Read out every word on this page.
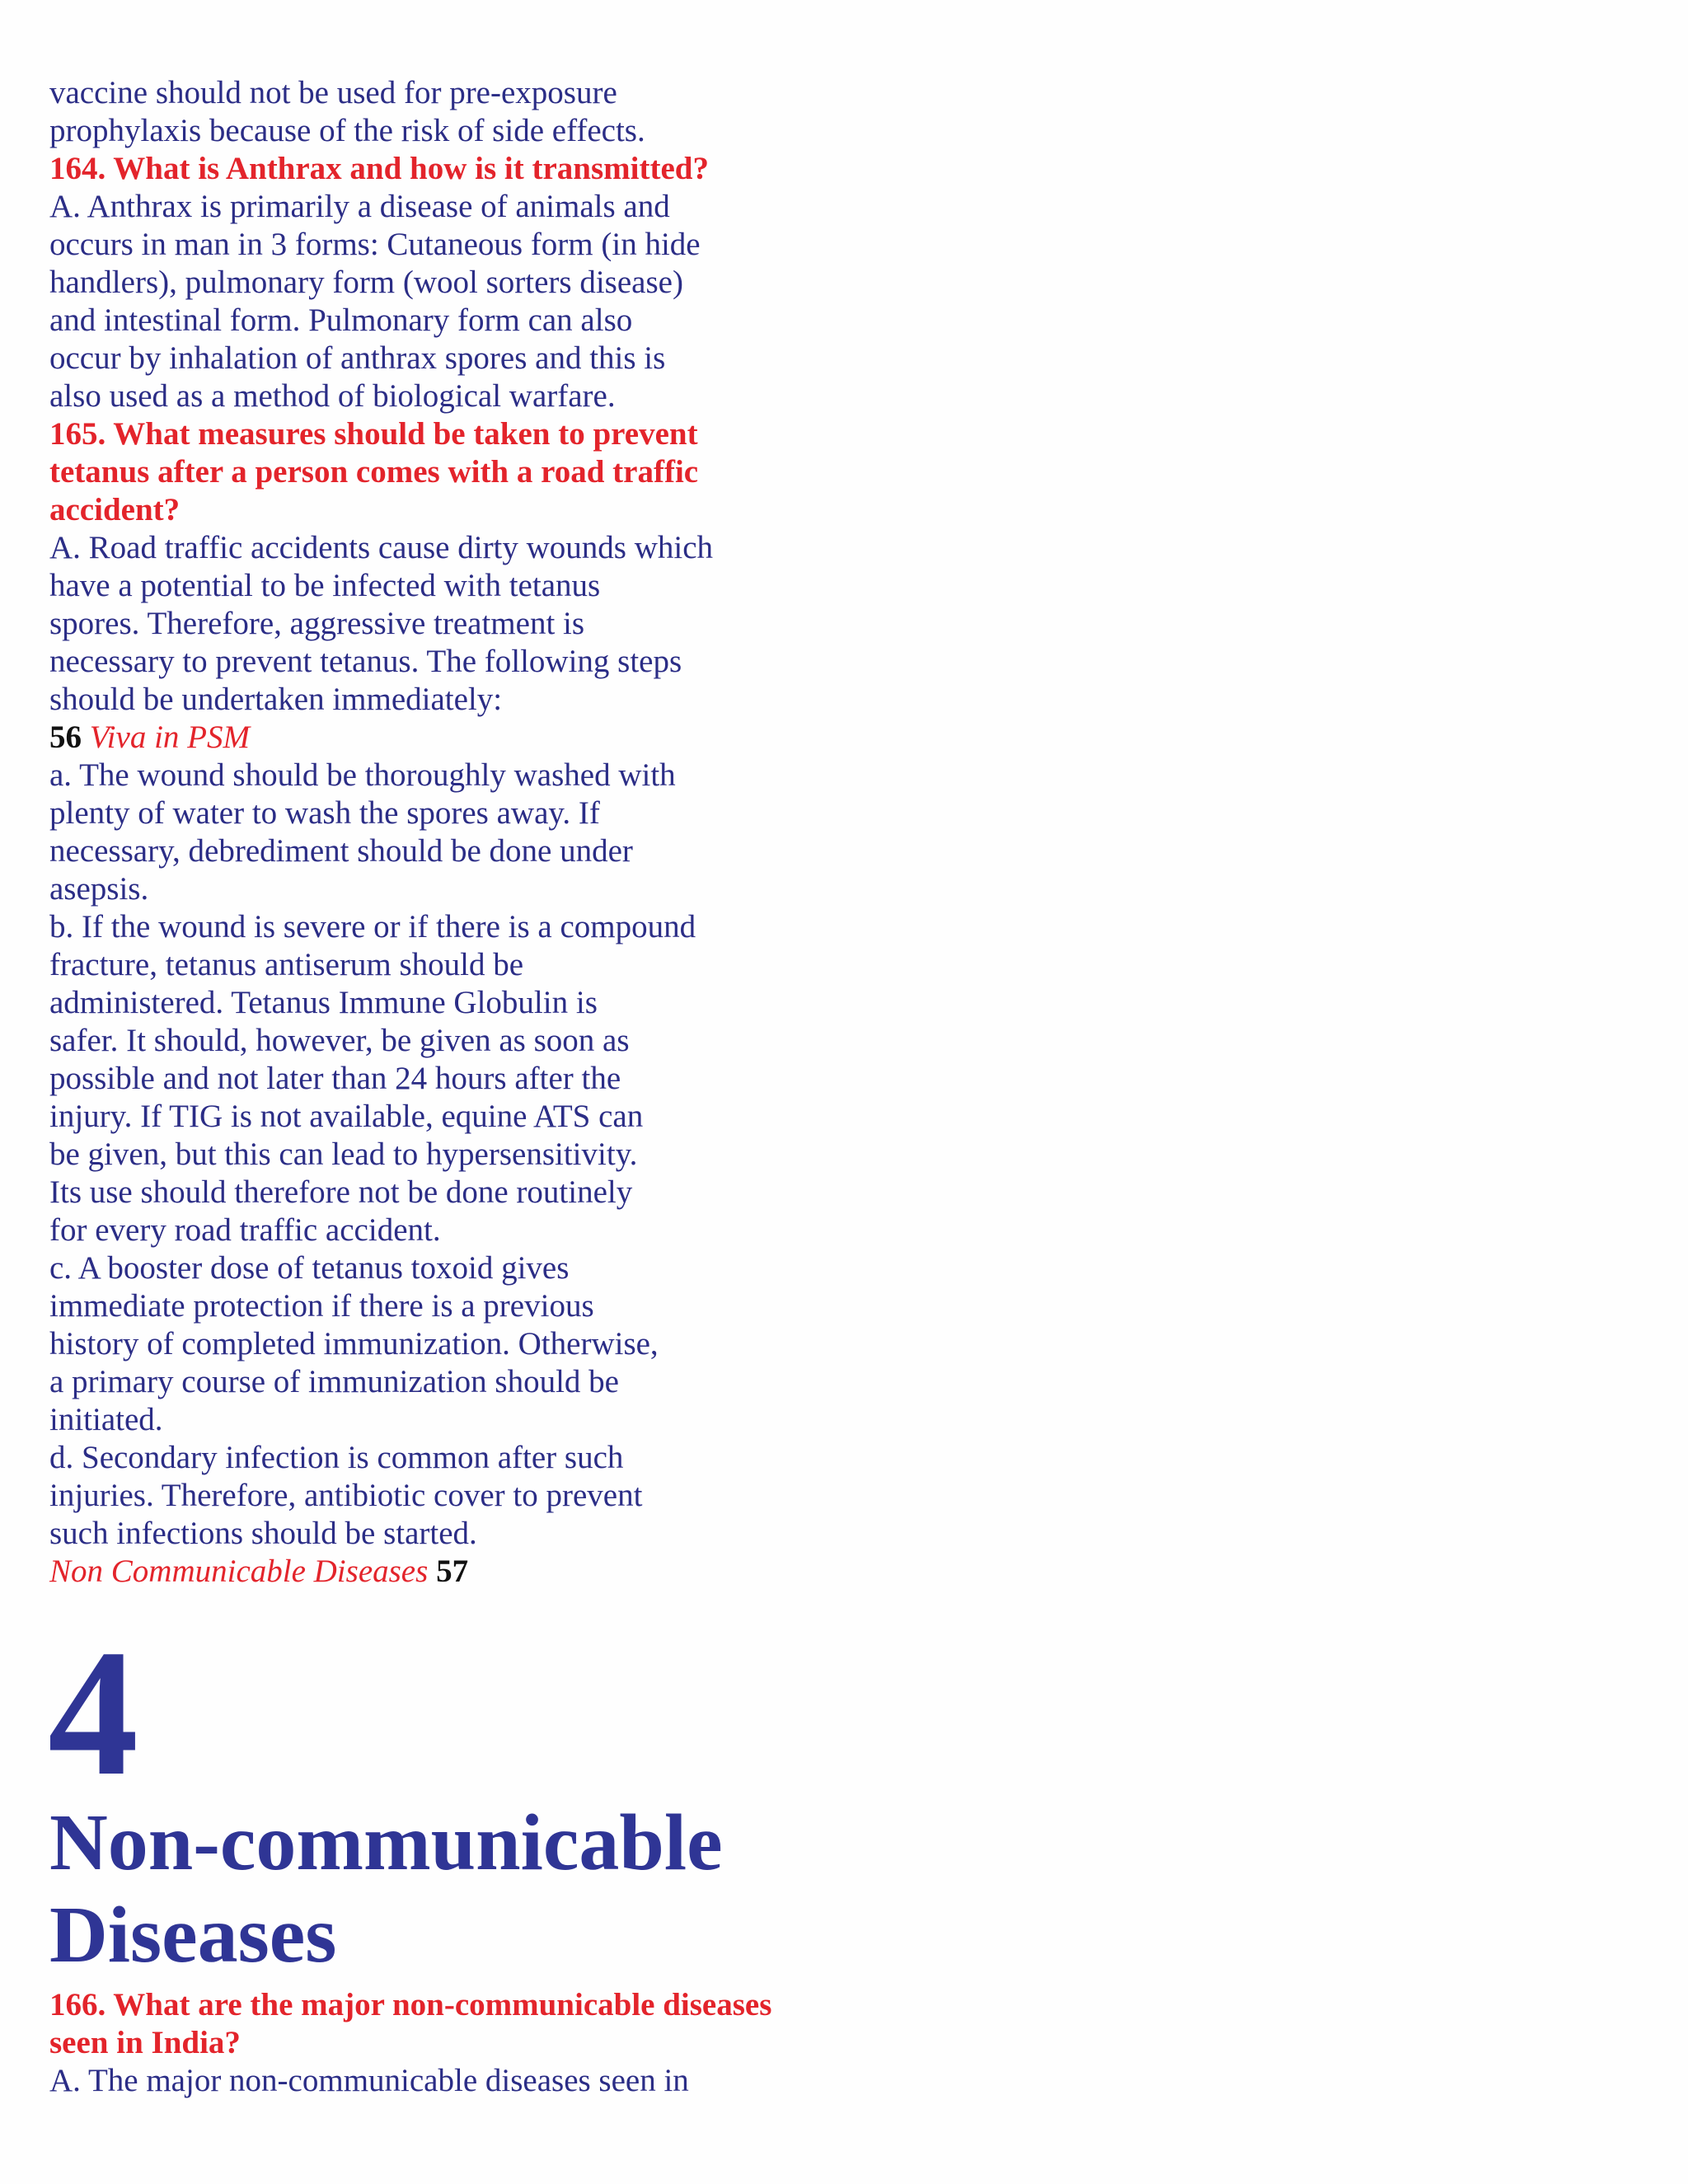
vaccine should not be used for pre-exposure
prophylaxis because of the risk of side effects.
164. What is Anthrax and how is it transmitted?
A. Anthrax is primarily a disease of animals and
occurs in man in 3 forms: Cutaneous form (in hide
handlers), pulmonary form (wool sorters disease)
and intestinal form. Pulmonary form can also
occur by inhalation of anthrax spores and this is
also used as a method of biological warfare.
165. What measures should be taken to prevent
tetanus after a person comes with a road traffic
accident?
A. Road traffic accidents cause dirty wounds which
have a potential to be infected with tetanus
spores. Therefore, aggressive treatment is
necessary to prevent tetanus. The following steps
should be undertaken immediately:
56 Viva in PSM
a. The wound should be thoroughly washed with
plenty of water to wash the spores away. If
necessary, debrediment should be done under
asepsis.
b. If the wound is severe or if there is a compound
fracture, tetanus antiserum should be
administered. Tetanus Immune Globulin is
safer. It should, however, be given as soon as
possible and not later than 24 hours after the
injury. If TIG is not available, equine ATS can
be given, but this can lead to hypersensitivity.
Its use should therefore not be done routinely
for every road traffic accident.
c. A booster dose of tetanus toxoid gives
immediate protection if there is a previous
history of completed immunization. Otherwise,
a primary course of immunization should be
initiated.
d. Secondary infection is common after such
injuries. Therefore, antibiotic cover to prevent
such infections should be started.
Non Communicable Diseases 57
4
Non-communicable
Diseases
166. What are the major non-communicable diseases
seen in India?
A. The major non-communicable diseases seen in
